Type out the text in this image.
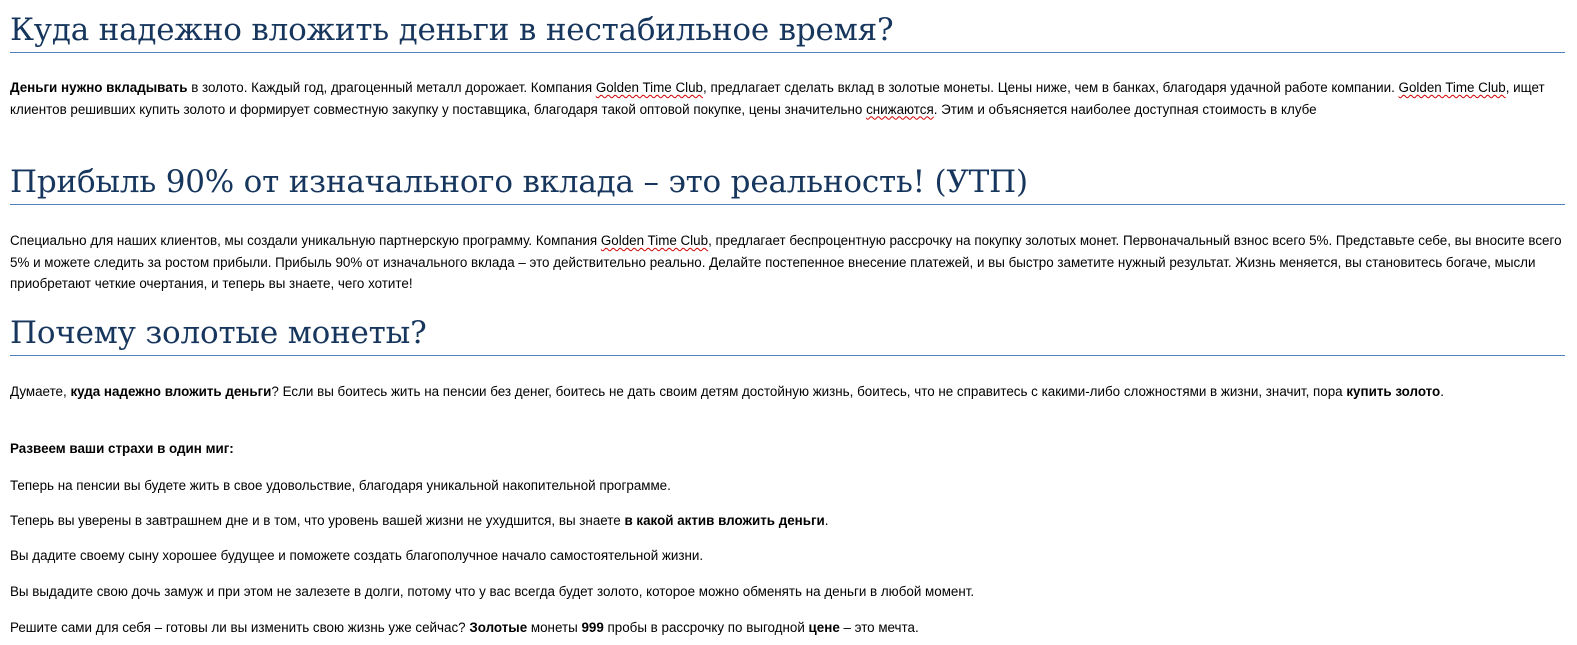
Куда надежно вложить деньги в нестабильное время?

Деньги нужно вкладывать в золото. Каждый год, драгоценный металл дорожает. Компания Golden Time Club, предлагает сделать вклад в золотые монеты. Цены ниже, чем в банках, благодаря удачной работе компании. Golden Time Club, ищет клиентов решивших купить золото и формирует совместную закупку у поставщика, благодаря такой оптовой покупке, цены значительно снижаются. Этим и объясняется наиболее доступная стоимость в клубе

Прибыль 90% от изначального вклада – это реальность! (УТП)

Специально для наших клиентов, мы создали уникальную партнерскую программу. Компания Golden Time Club, предлагает беспроцентную рассрочку на покупку золотых монет. Первоначальный взнос всего 5%. Представьте себе, вы вносите всего 5% и можете следить за ростом прибыли. Прибыль 90% от изначального вклада – это действительно реально. Делайте постепенное внесение платежей, и вы быстро заметите нужный результат. Жизнь меняется, вы становитесь богаче, мысли приобретают четкие очертания, и теперь вы знаете, чего хотите!

Почему золотые монеты?

Думаете, куда надежно вложить деньги? Если вы боитесь жить на пенсии без денег, боитесь не дать своим детям достойную жизнь, боитесь, что не справитесь с какими-либо сложностями в жизни, значит, пора купить золото.

Развеем ваши страхи в один миг:

Теперь на пенсии вы будете жить в свое удовольствие, благодаря уникальной накопительной программе.

Теперь вы уверены в завтрашнем дне и в том, что уровень вашей жизни не ухудшится, вы знаете в какой актив вложить деньги.

Вы дадите своему сыну хорошее будущее и поможете создать благополучное начало самостоятельной жизни.

Вы выдадите свою дочь замуж и при этом не залезете в долги, потому что у вас всегда будет золото, которое можно обменять на деньги в любой момент.

Решите сами для себя – готовы ли вы изменить свою жизнь уже сейчас? Золотые монеты 999 пробы в рассрочку по выгодной цене – это мечта.
